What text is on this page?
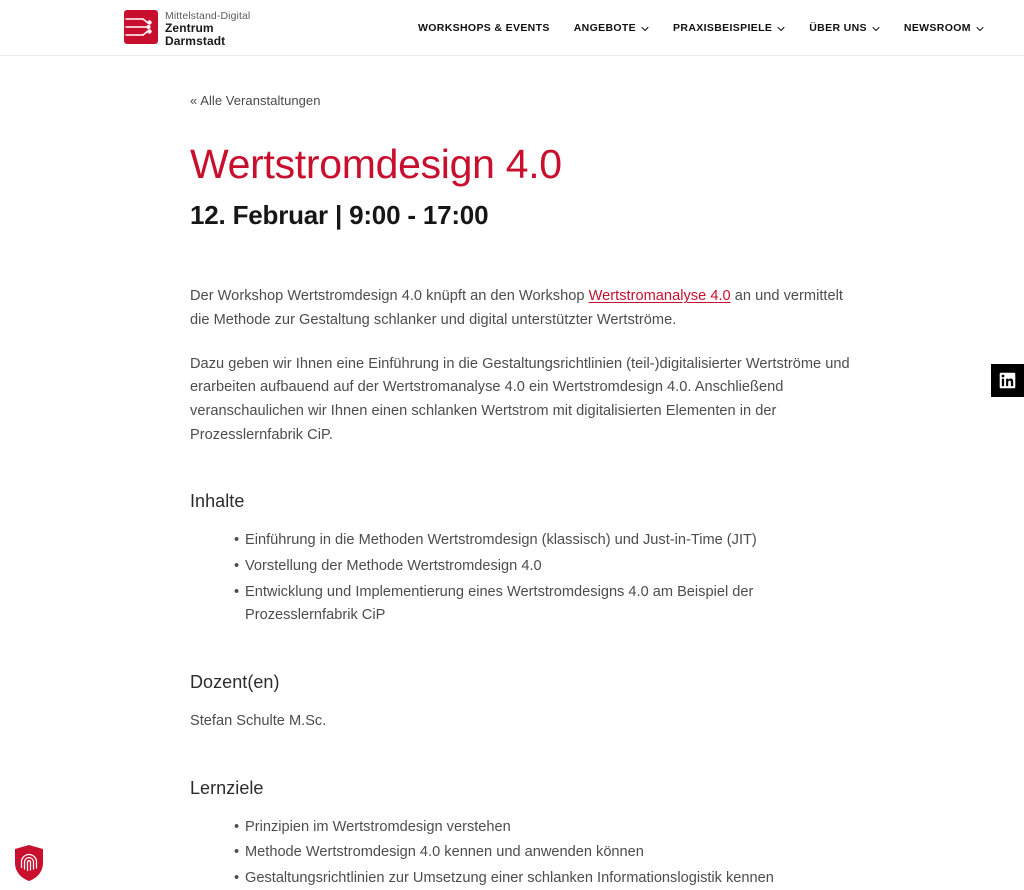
Mittelstand-Digital
Zentrum
Darmstadt
WORKSHOPS & EVENTS ANGEBOTE	PRAXISBEISPIELE	ÜBER UNS	NEWSROOM
« Alle Veranstaltungen
Wertstromdesign 4.0
12. Februar | 9:00 - 17:00

Der Workshop Wertstromdesign 4.0 knüpft an den Workshop Wertstromanalyse 4.0 an und vermittelt die Methode zur Gestaltung schlanker und digital unterstützter Wertströme.

Dazu geben wir Ihnen eine Einführung in die Gestaltungsrichtlinien (teil-)digitalisierter Wertströme und erarbeiten aufbauend auf der Wertstromanalyse 4.0 ein Wertstromdesign 4.0. Anschließend veranschaulichen wir Ihnen einen schlanken Wertstrom mit digitalisierten Elementen in der Prozesslernfabrik CiP.

Inhalte
•Einführung in die Methoden Wertstromdesign (klassisch) und Just-in-Time (JIT)
•Vorstellung der Methode Wertstromdesign 4.0
•Entwicklung und Implementierung eines Wertstromdesigns 4.0 am Beispiel der Prozesslernfabrik CiP
Dozent(en)

Stefan Schulte M.Sc.

Lernziele
•Prinzipien im Wertstromdesign verstehen
•Methode Wertstromdesign 4.0 kennen und anwenden können
•Gestaltungsrichtlinien zur Umsetzung einer schlanken Informationslogistik kennen
